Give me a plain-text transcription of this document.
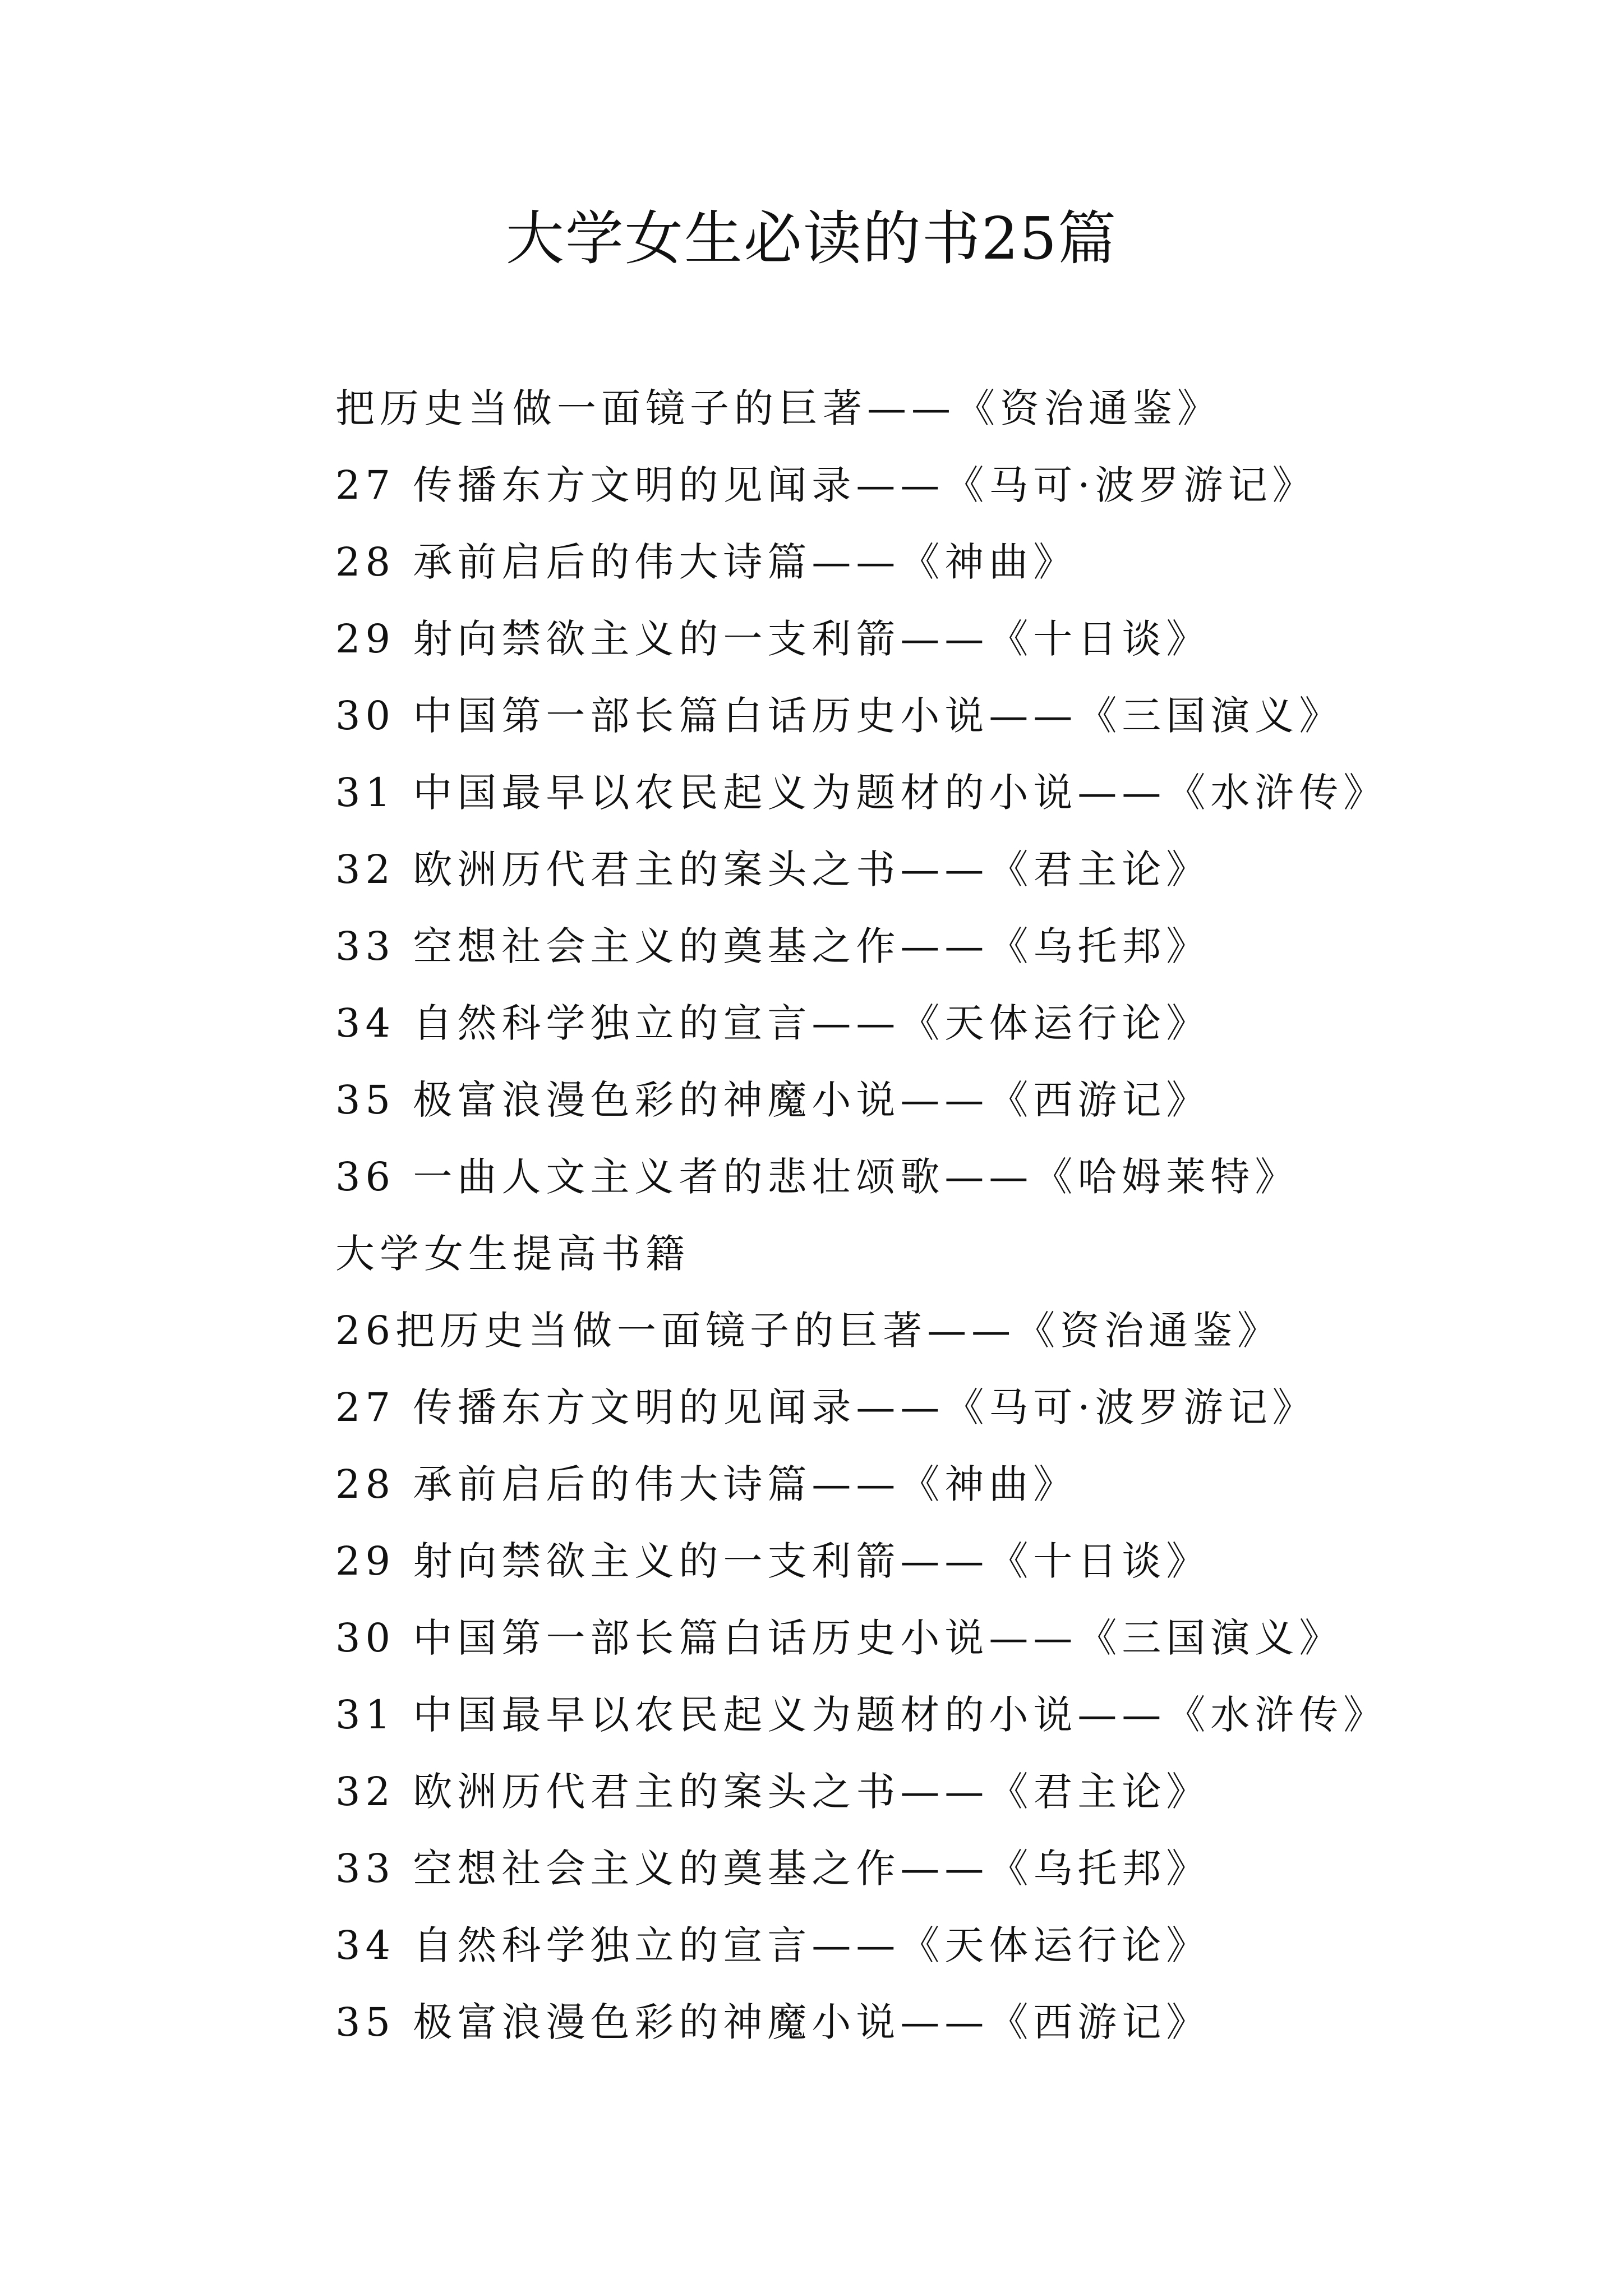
大学女生必读的书25篇
把历史当做一面镜子的巨著——《资治通鉴》
27 传播东方文明的见闻录——《马可·波罗游记》
28 承前启后的伟大诗篇——《神曲》
29 射向禁欲主义的一支利箭——《十日谈》
30 中国第一部长篇白话历史小说——《三国演义》
31 中国最早以农民起义为题材的小说——《水浒传》
32 欧洲历代君主的案头之书——《君主论》
33 空想社会主义的奠基之作——《乌托邦》
34 自然科学独立的宣言——《天体运行论》
35 极富浪漫色彩的神魔小说——《西游记》
36 一曲人文主义者的悲壮颂歌——《哈姆莱特》
大学女生提高书籍
26把历史当做一面镜子的巨著——《资治通鉴》
27 传播东方文明的见闻录——《马可·波罗游记》
28 承前启后的伟大诗篇——《神曲》
29 射向禁欲主义的一支利箭——《十日谈》
30 中国第一部长篇白话历史小说——《三国演义》
31 中国最早以农民起义为题材的小说——《水浒传》
32 欧洲历代君主的案头之书——《君主论》
33 空想社会主义的奠基之作——《乌托邦》
34 自然科学独立的宣言——《天体运行论》
35 极富浪漫色彩的神魔小说——《西游记》
